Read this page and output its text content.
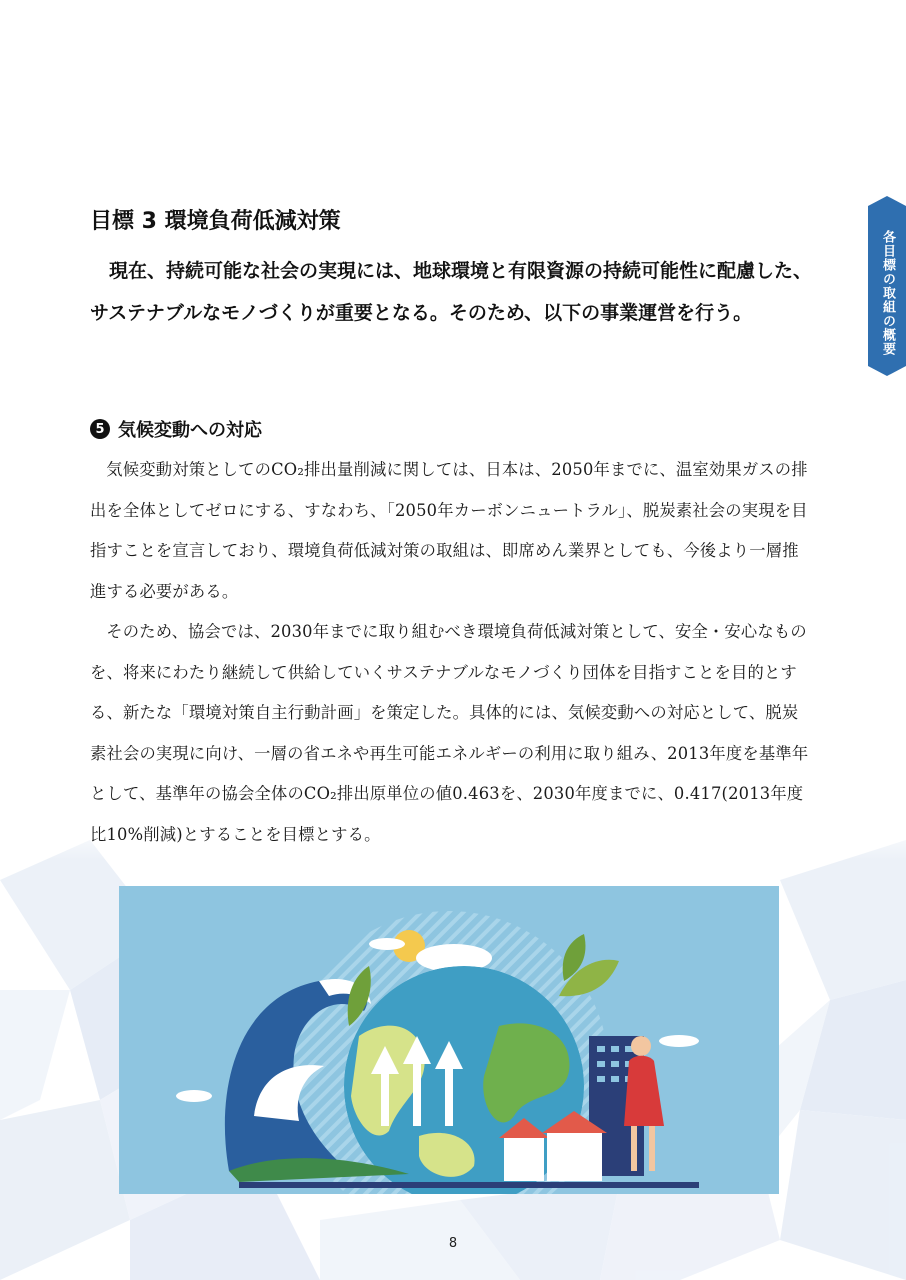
各目標の取組の概要
目標 3 環境負荷低減対策

現在、持続可能な社会の実現には、地球環境と有限資源の持続可能性に配慮した、サステナブルなモノづくりが重要となる。そのため、以下の事業運営を行う。

5 気候変動への対応

気候変動対策としてのCO₂排出量削減に関しては、日本は、2050年までに、温室効果ガスの排出を全体としてゼロにする、すなわち、「2050年カーボンニュートラル」、脱炭素社会の実現を目指すことを宣言しており、環境負荷低減対策の取組は、即席めん業界としても、今後より一層推進する必要がある。

そのため、協会では、2030年までに取り組むべき環境負荷低減対策として、安全・安心なものを、将来にわたり継続して供給していくサステナブルなモノづくり団体を目指すことを目的とする、新たな「環境対策自主行動計画」を策定した。具体的には、気候変動への対応として、脱炭素社会の実現に向け、一層の省エネや再生可能エネルギーの利用に取り組み、2013年度を基準年として、基準年の協会全体のCO₂排出原単位の値0.463を、2030年度までに、0.417(2013年度比10%削減)とすることを目標とする。

8
